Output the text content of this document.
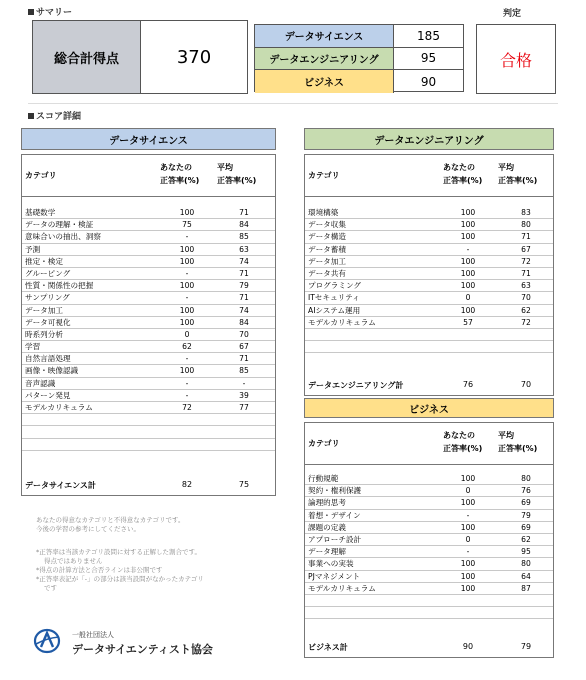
サマリー
総合計得点	370
データサイエンス	185
データエンジニアリング	95
ビジネス	90
判定
合格
スコア詳細
データサイエンス
カテゴリ
あなたの
正答率(%)
平均
正答率(%)
基礎数学	100	71
データの理解・検証	75	84
意味合いの抽出、洞察	-	85
予測	100	63
推定・検定	100	74
グルーピング	-	71
性質・関係性の把握	100	79
サンプリング	-	71
データ加工	100	74
データ可視化	100	84
時系列分析	0	70
学習	62	67
自然言語処理	-	71
画像・映像認識	100	85
音声認識	-	-
パターン発見	-	39
モデルカリキュラム	72	77
データサイエンス計	82	75
データエンジニアリング
カテゴリ
あなたの
正答率(%)
平均
正答率(%)
環境構築	100	83
データ収集	100	80
データ構造	100	71
データ蓄積	-	67
データ加工	100	72
データ共有	100	71
プログラミング	100	63
ITセキュリティ	0	70
AIシステム運用	100	62
モデルカリキュラム	57	72
データエンジニアリング計	76	70
ビジネス
カテゴリ
あなたの
正答率(%)
平均
正答率(%)
行動規範	100	80
契約・権利保護	0	76
論理的思考	100	69
着想・デザイン	-	79
課題の定義	100	69
アプローチ設計	0	62
データ理解	-	95
事業への実装	100	80
PJマネジメント	100	64
モデルカリキュラム	100	87
ビジネス計	90	79
あなたの得意なカテゴリと不得意なカテゴリです。
今後の学習の参考にしてください。
*正答率は当該カテゴリ設問に対する正解した割合です。
得点ではありません
*得点の計算方法と合否ラインは非公開です
*正答率表記が「-」の部分は該当設問がなかったカテゴリ
です
一般社団法人
データサイエンティスト協会
